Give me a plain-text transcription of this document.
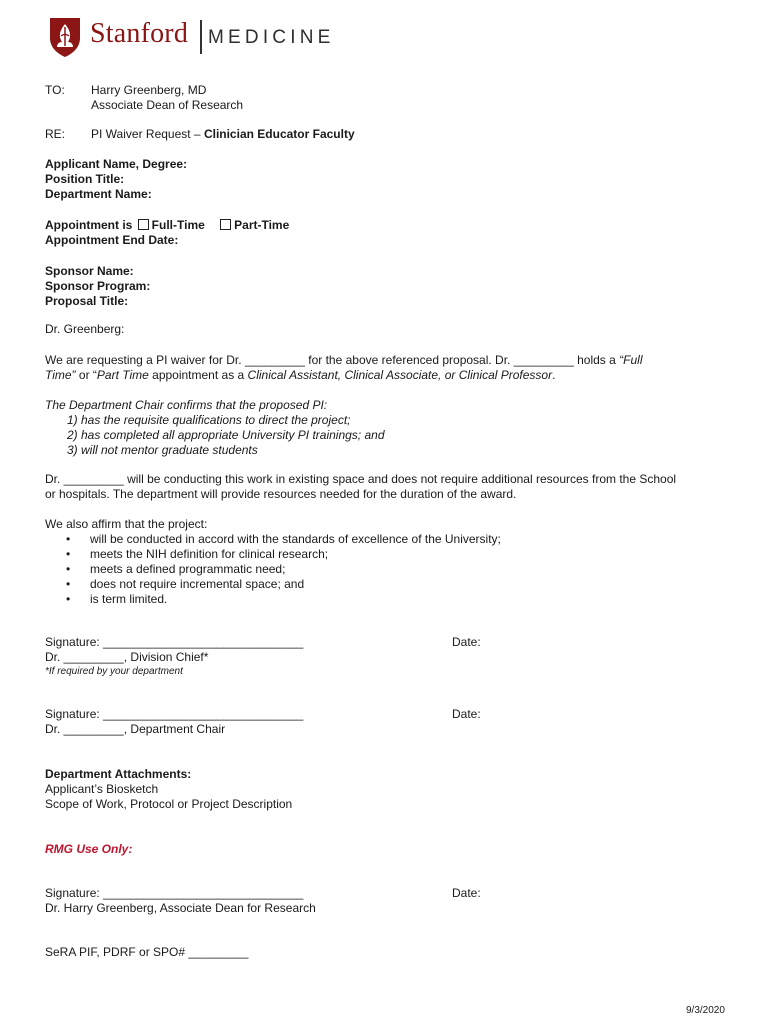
Stanford MEDICINE
TO: Harry Greenberg, MD
Associate Dean of Research
RE: PI Waiver Request – Clinician Educator Faculty
Applicant Name, Degree:
Position Title:
Department Name:
Appointment is Full-Time Part-Time
Appointment End Date:
Sponsor Name:
Sponsor Program:
Proposal Title:
Dr. Greenberg:
We are requesting a PI waiver for Dr. _________ for the above referenced proposal. Dr. _________ holds a “Full
Time” or “Part Time appointment as a Clinical Assistant, Clinical Associate, or Clinical Professor.
The Department Chair confirms that the proposed PI:
1) has the requisite qualifications to direct the project;
2) has completed all appropriate University PI trainings; and
3) will not mentor graduate students
Dr. _________ will be conducting this work in existing space and does not require additional resources from the School
or hospitals. The department will provide resources needed for the duration of the award.
We also affirm that the project:
• will be conducted in accord with the standards of excellence of the University;
• meets the NIH definition for clinical research;
• meets a defined programmatic need;
• does not require incremental space; and
• is term limited.
Signature: ______________________________	Date:
Dr. _________, Division Chief*
*If required by your department
Signature: ______________________________	Date:
Dr. _________, Department Chair
Department Attachments:
Applicant’s Biosketch
Scope of Work, Protocol or Project Description
RMG Use Only:
Signature: ______________________________	Date:
Dr. Harry Greenberg, Associate Dean for Research
SeRA PIF, PDRF or SPO# _________
9/3/2020
